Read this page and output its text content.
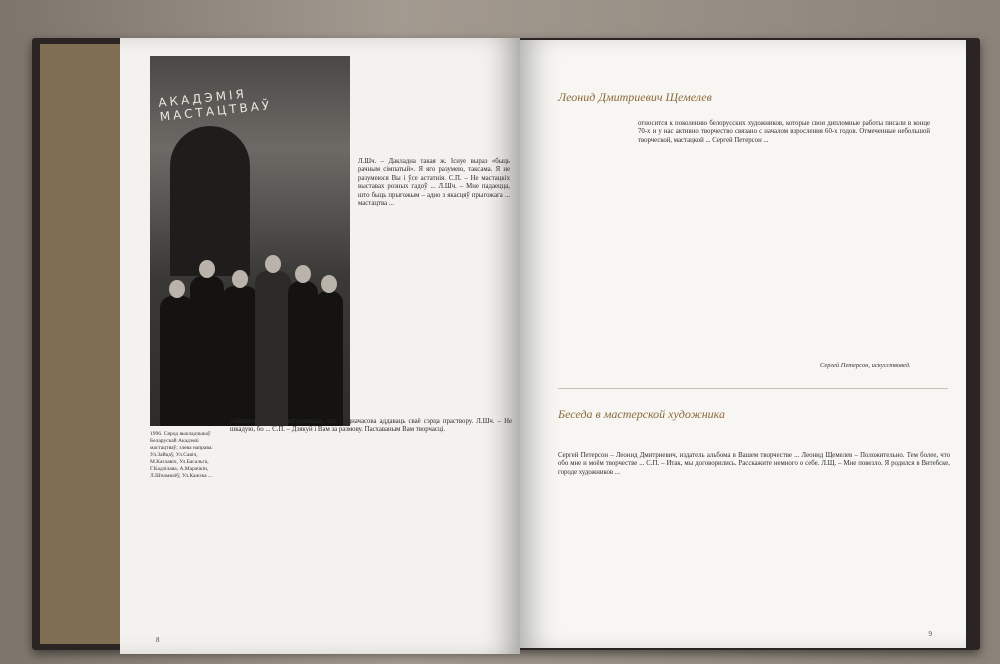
АКАДЭМІЯ МАСТАЦТВАЎ
1996. Сярод выкладчыкаў Беларускай Акадэміі мастацтваў; злева направа: Ул.Зайцаў, Ул.Савіч, М.Казлавіч, Ул.Басальга, Г.Кадзілава, А.Марачкін, Л.Шчамялёў, Ул.Кажэка ...
Л.Шч. – Дакладна такая ж. Існуе выраз «быць рачным сімпатый». Я яго разумею, таксама. Я не разумеюся Вы і ўсе астатнія. С.П. – Не мастацкіх выставах розных гадоў ... Л.Шч. – Мне падаецца, што быць прыгожым – адно з якасцяў прыгожага ... мастацтва ...
забяспечыць сябе матэрыяльна, але і адначасова аддаваць сваё сэрца праствору. Л.Шч. – Не шкадую, бо ... С.П. – Дзякуй і Вам за размову. Пасхаваным Вам творчасці.
8
Леонид Дмитриевич Щемелев
относится к поколению белорусских художников, которые свои дипломные работы писали в конце 70-х и у нас активно творчество связано с началом взросления 60-х годов. Отмеченные небольшой творческой, мастацкой ... Сергей Петерсон ...
Сергей Петерсон, искусствовед.
Беседа в мастерской художника
Сергей Петерсон – Леонид Дмитриевич, издатель альбома в Вашем творчестве ... Леонид Щемелев – Положительно. Тем более, что обо мне и моём творчестве ... С.П. – Итак, мы договорились. Расскажите немного о себе. Л.Щ. – Мне повезло. Я родился в Витебске, городе художников ...
9
